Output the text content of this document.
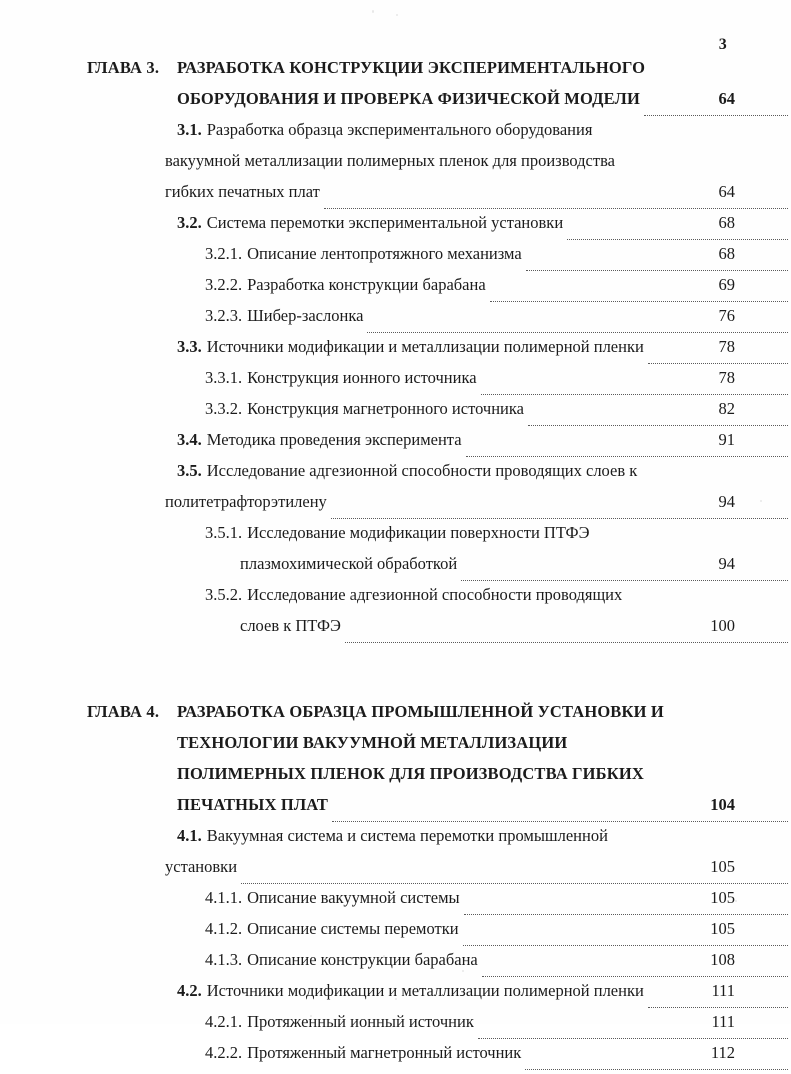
3
ГЛАВА 3. РАЗРАБОТКА КОНСТРУКЦИИ ЭКСПЕРИМЕНТАЛЬНОГО
ОБОРУДОВАНИЯ И ПРОВЕРКА ФИЗИЧЕСКОЙ МОДЕЛИ	64
3.1. Разработка образца экспериментального оборудования
вакуумной металлизации полимерных пленок для производства
гибких печатных плат	64
3.2. Система перемотки экспериментальной установки	68
3.2.1. Описание лентопротяжного механизма	68
3.2.2. Разработка конструкции барабана	69
3.2.3. Шибер-заслонка	76
3.3. Источники модификации и металлизации полимерной пленки	78
3.3.1. Конструкция ионного источника	78
3.3.2. Конструкция магнетронного источника	82
3.4. Методика проведения эксперимента	91
3.5. Исследование адгезионной способности проводящих слоев к
политетрафторэтилену	94
3.5.1. Исследование модификации поверхности ПТФЭ
плазмохимической обработкой	94
3.5.2. Исследование адгезионной способности проводящих
слоев к ПТФЭ	100
ГЛАВА 4. РАЗРАБОТКА ОБРАЗЦА ПРОМЫШЛЕННОЙ УСТАНОВКИ И
ТЕХНОЛОГИИ ВАКУУМНОЙ МЕТАЛЛИЗАЦИИ
ПОЛИМЕРНЫХ ПЛЕНОК ДЛЯ ПРОИЗВОДСТВА ГИБКИХ
ПЕЧАТНЫХ ПЛАТ	104
4.1. Вакуумная система и система перемотки промышленной
установки	105
4.1.1. Описание вакуумной системы	105
4.1.2. Описание системы перемотки	105
4.1.3. Описание конструкции барабана	108
4.2. Источники модификации и металлизации полимерной пленки	111
4.2.1. Протяженный ионный источник	111
4.2.2. Протяженный магнетронный источник	112
